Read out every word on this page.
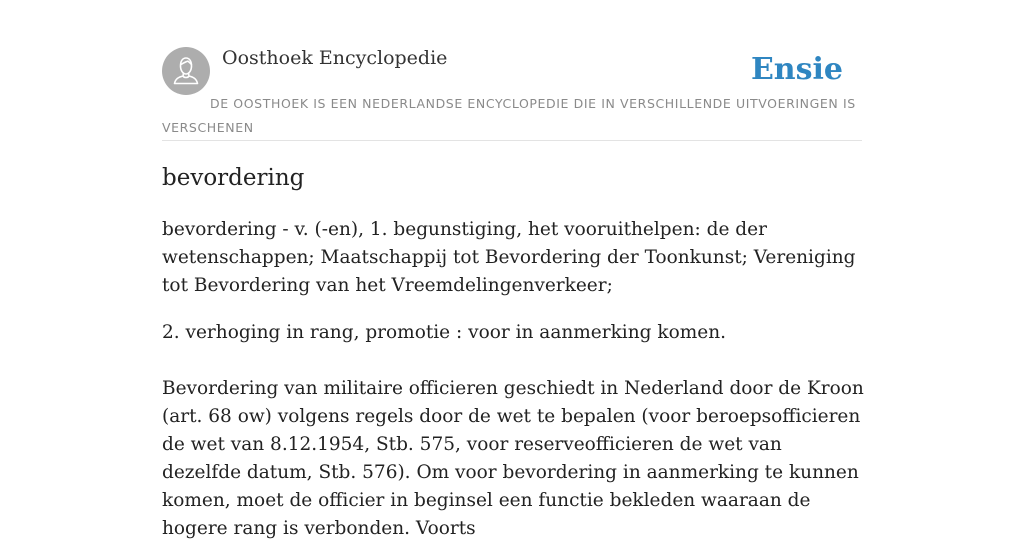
Oosthoek Encyclopedie	Ensie
DE OOSTHOEK IS EEN NEDERLANDSE ENCYCLOPEDIE DIE IN VERSCHILLENDE UITVOERINGEN IS VERSCHENEN
bevordering

bevordering - v. (-en), 1. begunstiging, het vooruithelpen: de der wetenschappen; Maatschappij tot Bevordering der Toonkunst; Vereniging tot Bevordering van het Vreemdelingenverkeer;

2. verhoging in rang, promotie : voor in aanmerking komen.

Bevordering van militaire officieren geschiedt in Nederland door de Kroon (art. 68 ow) volgens regels door de wet te bepalen (voor beroepsofficieren de wet van 8.12.1954, Stb. 575, voor reserveofficieren de wet van dezelfde datum, Stb. 576). Om voor bevordering in aanmerking te kunnen komen, moet de officier in beginsel een functie bekleden waaraan de hogere rang is verbonden. Voorts
